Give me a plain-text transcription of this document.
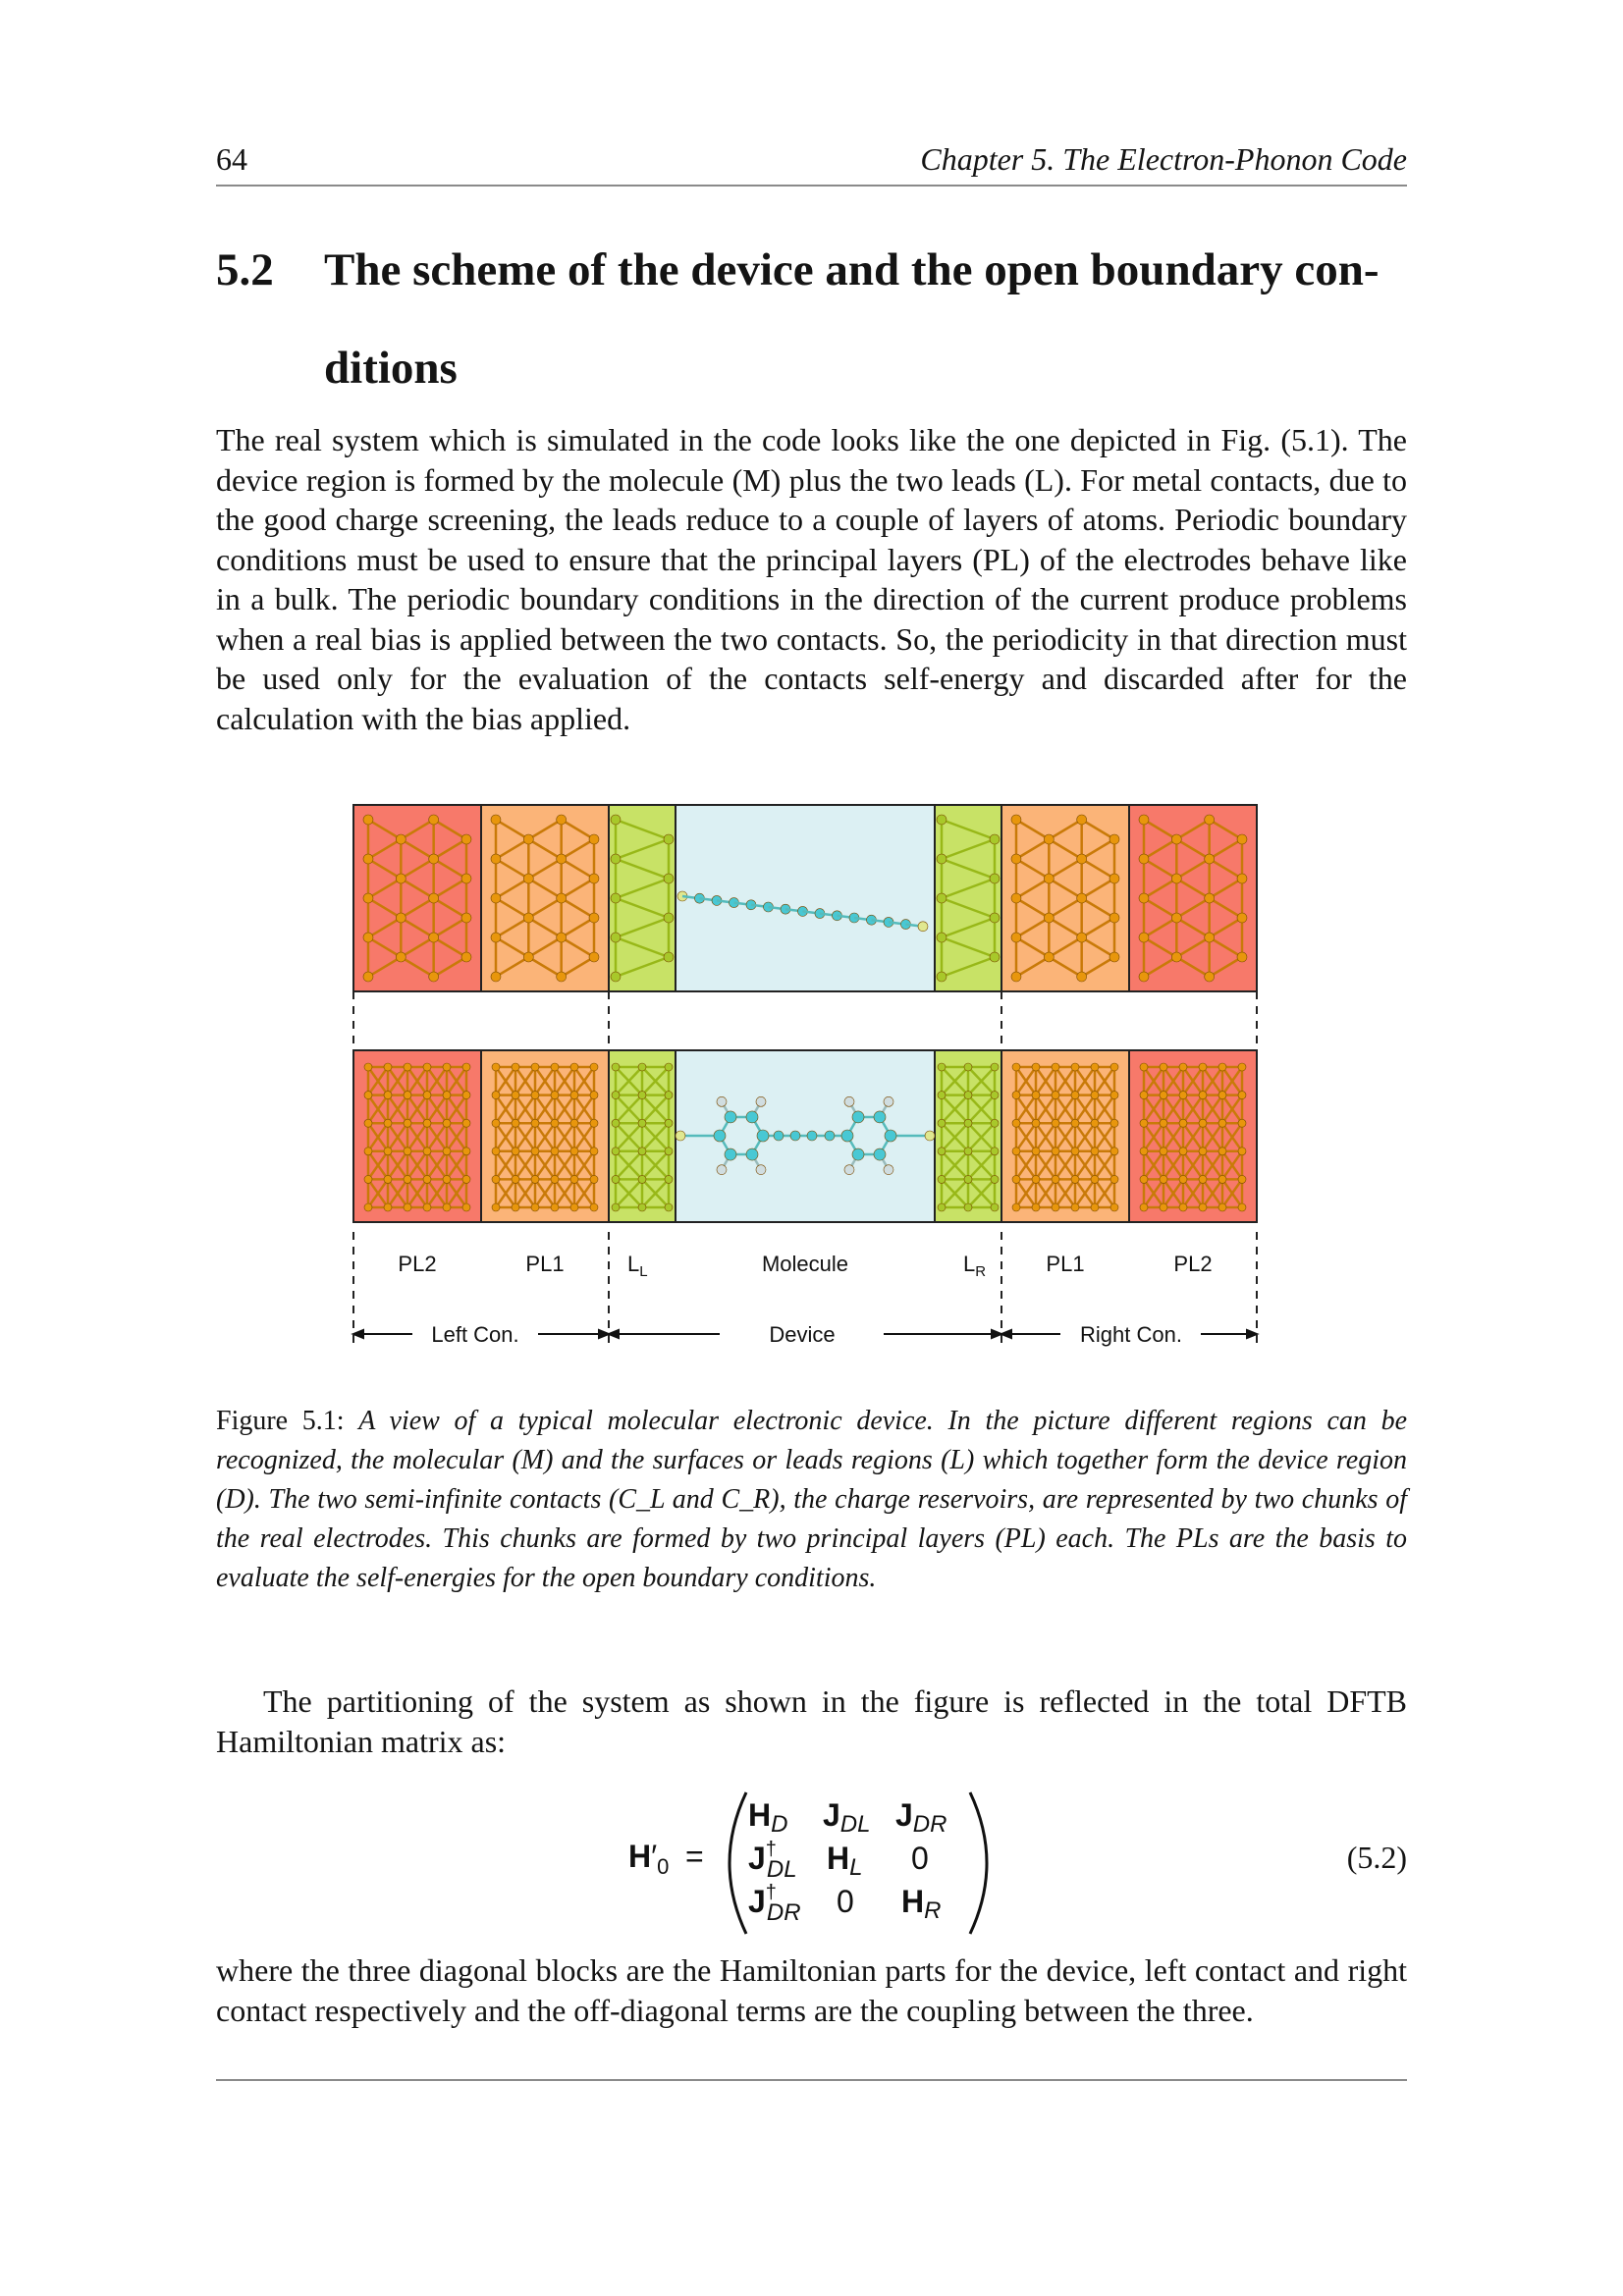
64	Chapter 5. The Electron-Phonon Code
5.2 The scheme of the device and the open boundary con-
ditions

The real system which is simulated in the code looks like the one depicted in Fig. (5.1). The device region is formed by the molecule (M) plus the two leads (L). For metal contacts, due to the good charge screening, the leads reduce to a couple of layers of atoms. Periodic boundary conditions must be used to ensure that the principal layers (PL) of the electrodes behave like in a bulk. The periodic boundary conditions in the direction of the current produce problems when a real bias is applied between the two contacts. So, the periodicity in that direction must be used only for the evaluation of the contacts self-energy and discarded after for the calculation with the bias applied.

PL2	PL1	$L_L$	Molecule	$L_R$	PL1	PL2
Left Con.	Device	Right Con.

Figure 5.1: A view of a typical molecular electronic device. In the picture different regions can be recognized, the molecular (M) and the surfaces or leads regions (L) which together form the device region (D). The two semi-infinite contacts (C_L and C_R), the charge reservoirs, are represented by two chunks of the real electrodes. This chunks are formed by two principal layers (PL) each. The PLs are the basis to evaluate the self-energies for the open boundary conditions.

The partitioning of the system as shown in the figure is reflected in the total DFTB Hamiltonian matrix as:

$H'_0$ =
HD JDL JDR
J† DL HL 0
J† DR 0 HR
(5.2)

where the three diagonal blocks are the Hamiltonian parts for the device, left contact and right contact respectively and the off-diagonal terms are the coupling between the three.
